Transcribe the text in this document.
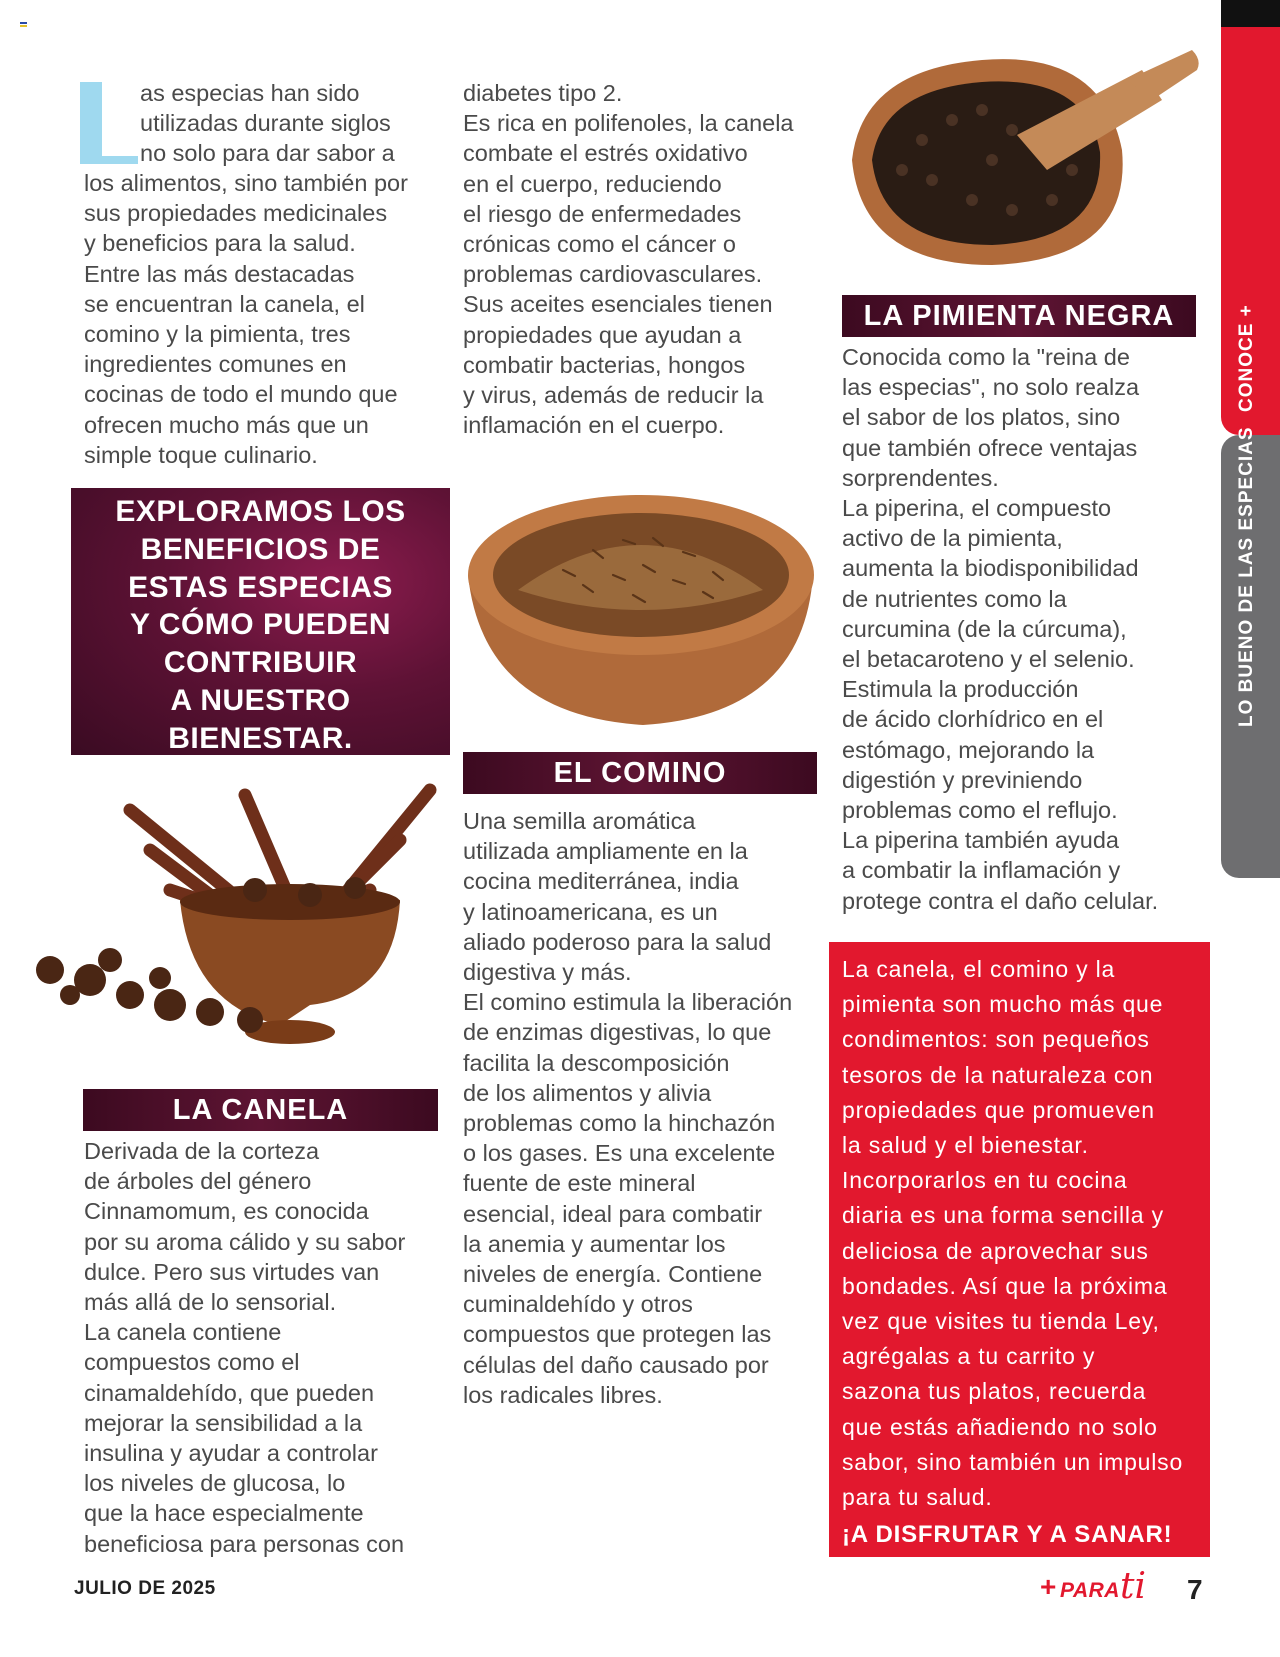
as especias han sido
utilizadas durante siglos
no solo para dar sabor a

los alimentos, sino también por
sus propiedades medicinales
y beneficios para la salud.
Entre las más destacadas
se encuentran la canela, el
comino y la pimienta, tres
ingredientes comunes en
cocinas de todo el mundo que
ofrecen mucho más que un
simple toque culinario.

EXPLORAMOS LOS
BENEFICIOS DE
ESTAS ESPECIAS
Y CÓMO PUEDEN
CONTRIBUIR
A NUESTRO
BIENESTAR.
LA CANELA

Derivada de la corteza
de árboles del género
Cinnamomum, es conocida
por su aroma cálido y su sabor
dulce. Pero sus virtudes van
más allá de lo sensorial.
La canela contiene
compuestos como el
cinamaldehído, que pueden
mejorar la sensibilidad a la
insulina y ayudar a controlar
los niveles de glucosa, lo
que la hace especialmente
beneficiosa para personas con

diabetes tipo 2.
Es rica en polifenoles, la canela
combate el estrés oxidativo
en el cuerpo, reduciendo
el riesgo de enfermedades
crónicas como el cáncer o
problemas cardiovasculares.
Sus aceites esenciales tienen
propiedades que ayudan a
combatir bacterias, hongos
y virus, además de reducir la
inflamación en el cuerpo.

EL COMINO

Una semilla aromática
utilizada ampliamente en la
cocina mediterránea, india
y latinoamericana, es un
aliado poderoso para la salud
digestiva y más.
El comino estimula la liberación
de enzimas digestivas, lo que
facilita la descomposición
de los alimentos y alivia
problemas como la hinchazón
o los gases. Es una excelente
fuente de este mineral
esencial, ideal para combatir
la anemia y aumentar los
niveles de energía. Contiene
cuminaldehído y otros
compuestos que protegen las
células del daño causado por
los radicales libres.

LA PIMIENTA NEGRA

Conocida como la "reina de
las especias", no solo realza
el sabor de los platos, sino
que también ofrece ventajas
sorprendentes.
La piperina, el compuesto
activo de la pimienta,
aumenta la biodisponibilidad
de nutrientes como la
curcumina (de la cúrcuma),
el betacaroteno y el selenio.
Estimula la producción
de ácido clorhídrico en el
estómago, mejorando la
digestión y previniendo
problemas como el reflujo.
La piperina también ayuda
a combatir la inflamación y
protege contra el daño celular.

La canela, el comino y la
pimienta son mucho más que
condimentos: son pequeños
tesoros de la naturaleza con
propiedades que promueven
la salud y el bienestar.
Incorporarlos en tu cocina
diaria es una forma sencilla y
deliciosa de aprovechar sus
bondades. Así que la próxima
vez que visites tu tienda Ley,
agrégalas a tu carrito y
sazona tus platos, recuerda
que estás añadiendo no solo
sabor, sino también un impulso
para tu salud.
¡A DISFRUTAR Y A SANAR!
CONOCE +
LO BUENO DE LAS ESPECIAS
JULIO DE 2025	+ PARA ti 7
